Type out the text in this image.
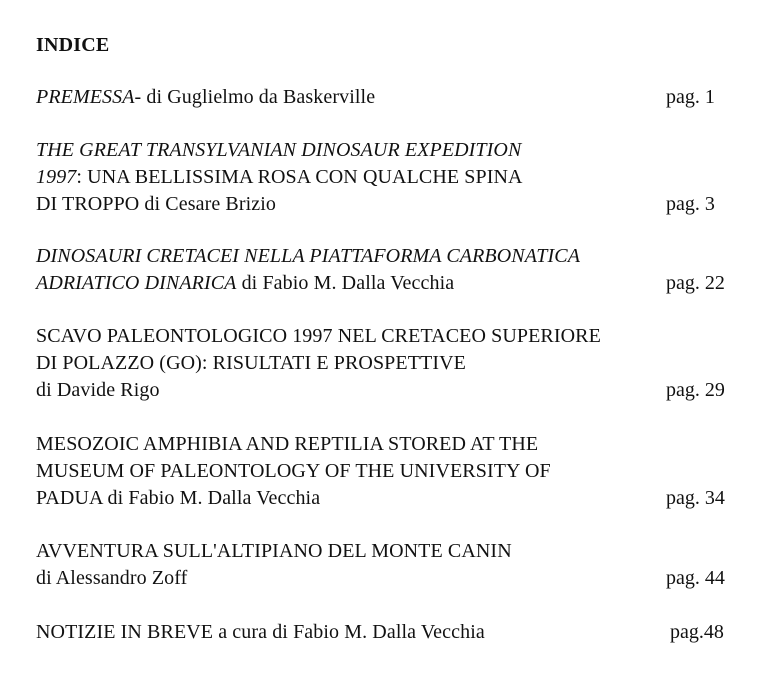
INDICE
PREMESSA- di Guglielmo da Baskerville	pag. 1
THE GREAT TRANSYLVANIAN DINOSAUR EXPEDITION
1997: UNA BELLISSIMA ROSA CON QUALCHE SPINA
DI TROPPO di Cesare Brizio	pag. 3
DINOSAURI CRETACEI NELLA PIATTAFORMA CARBONATICA
ADRIATICO DINARICA di Fabio M. Dalla Vecchia	pag. 22
SCAVO PALEONTOLOGICO 1997 NEL CRETACEO SUPERIORE
DI POLAZZO (GO): RISULTATI E PROSPETTIVE
di Davide Rigo	pag. 29
MESOZOIC AMPHIBIA AND REPTILIA STORED AT THE
MUSEUM OF PALEONTOLOGY OF THE UNIVERSITY OF
PADUA di Fabio M. Dalla Vecchia	pag. 34
AVVENTURA SULL'ALTIPIANO DEL MONTE CANIN
di Alessandro Zoff	pag. 44
NOTIZIE IN BREVE a cura di Fabio M. Dalla Vecchia	pag.48
